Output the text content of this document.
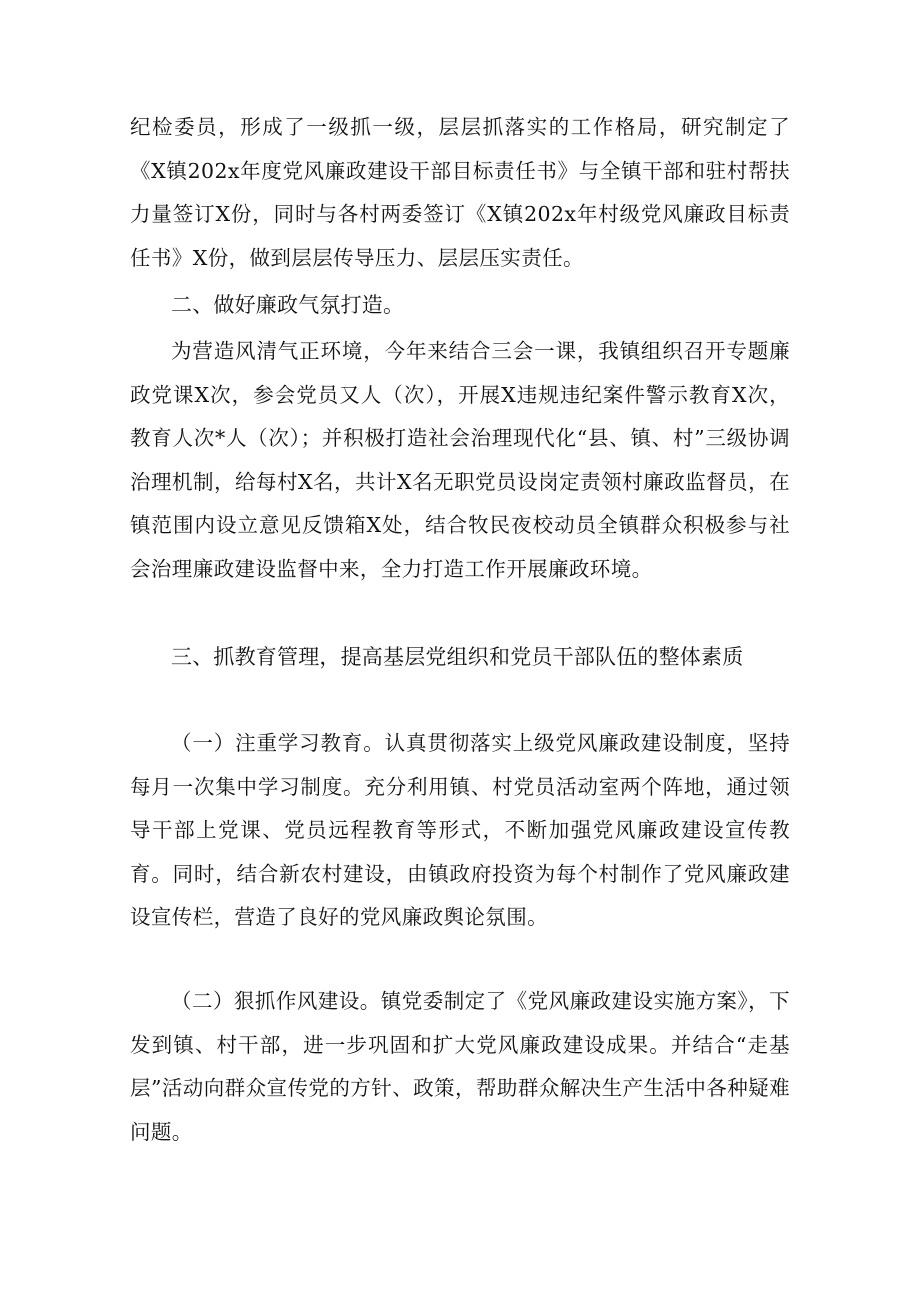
纪检委员，形成了一级抓一级，层层抓落实的工作格局，研究制定了《X镇202x年度党风廉政建设干部目标责任书》与全镇干部和驻村帮扶力量签订X份，同时与各村两委签订《X镇202x年村级党风廉政目标责任书》X份，做到层层传导压力、层层压实责任。

二、做好廉政气氛打造。

为营造风清气正环境，今年来结合三会一课，我镇组织召开专题廉政党课X次，参会党员又人（次），开展X违规违纪案件警示教育X次，教育人次*人（次）；并积极打造社会治理现代化“县、镇、村”三级协调治理机制，给每村X名，共计X名无职党员设岗定责领村廉政监督员，在镇范围内设立意见反馈箱X处，结合牧民夜校动员全镇群众积极参与社会治理廉政建设监督中来，全力打造工作开展廉政环境。

三、抓教育管理，提高基层党组织和党员干部队伍的整体素质

（一）注重学习教育。认真贯彻落实上级党风廉政建设制度，坚持每月一次集中学习制度。充分利用镇、村党员活动室两个阵地，通过领导干部上党课、党员远程教育等形式，不断加强党风廉政建设宣传教育。同时，结合新农村建设，由镇政府投资为每个村制作了党风廉政建设宣传栏，营造了良好的党风廉政舆论氛围。

（二）狠抓作风建设。镇党委制定了《党风廉政建设实施方案》，下发到镇、村干部，进一步巩固和扩大党风廉政建设成果。并结合“走基层”活动向群众宣传党的方针、政策，帮助群众解决生产生活中各种疑难问题。
